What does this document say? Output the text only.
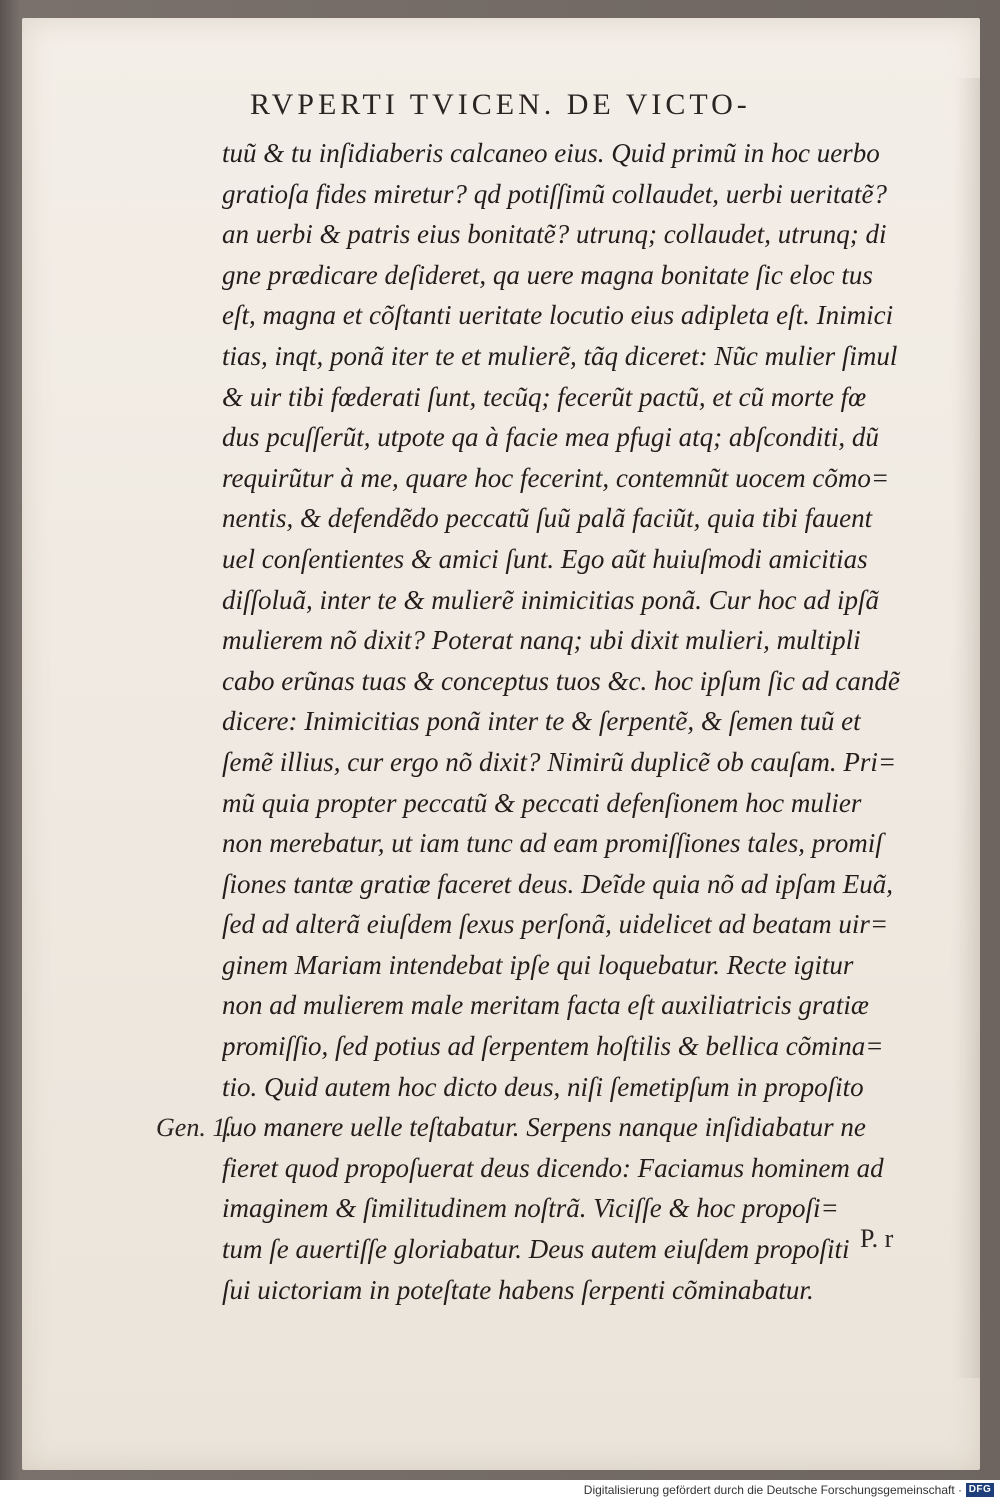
RVPERTI TVICEN. DE VICTO-
tuũ & tu inſidiaberis calcaneo eius. Quid primũ in hoc uerbo
gratioſa fides miretur? qd potiſſimũ collaudet, uerbi ueritatẽ?
an uerbi & patris eius bonitatẽ? utrunq; collaudet, utrunq; di
gne prædicare deſideret, qa uere magna bonitate ſic eloc tus
eſt, magna et cõſtanti ueritate locutio eius adipleta eſt. Inimici
tias, inqt, ponã iter te et mulierẽ, tãq diceret: Nũc mulier ſimul
& uir tibi fœderati ſunt, tecũq; fecerũt pactũ, et cũ morte fœ
dus pcuſſerũt, utpote qa à facie mea pfugi atq; abſconditi, dũ
requirũtur à me, quare hoc fecerint, contemnũt uocem cõmo=
nentis, & defendẽdo peccatũ ſuũ palã faciũt, quia tibi fauent
uel conſentientes & amici ſunt. Ego aũt huiuſmodi amicitias
diſſoluã, inter te & mulierẽ inimicitias ponã. Cur hoc ad ipſã
mulierem nõ dixit? Poterat nanq; ubi dixit mulieri, multipli
cabo erũnas tuas & conceptus tuos &c. hoc ipſum ſic ad candẽ
dicere: Inimicitias ponã inter te & ſerpentẽ, & ſemen tuũ et
ſemẽ illius, cur ergo nõ dixit? Nimirũ duplicẽ ob cauſam. Pri=
mũ quia propter peccatũ & peccati defenſionem hoc mulier
non merebatur, ut iam tunc ad eam promiſſiones tales, promiſ
ſiones tantæ gratiæ faceret deus. Deĩde quia nõ ad ipſam Euã,
ſed ad alterã eiuſdem ſexus perſonã, uidelicet ad beatam uir=
ginem Mariam intendebat ipſe qui loquebatur. Recte igitur
non ad mulierem male meritam facta eſt auxiliatricis gratiæ
promiſſio, ſed potius ad ſerpentem hoſtilis & bellica cõmina=
tio. Quid autem hoc dicto deus, niſi ſemetipſum in propoſito
ſuo manere uelle teſtabatur. Serpens nanque inſidiabatur ne
fieret quod propoſuerat deus dicendo: Faciamus hominem ad
imaginem & ſimilitudinem noſtrã. Viciſſe & hoc propoſi=
tum ſe auertiſſe gloriabatur. Deus autem eiuſdem propoſiti
ſui uictoriam in poteſtate habens ſerpenti cõminabatur.
Gen. 1.
P. r
Digitalisierung gefördert durch die Deutsche Forschungsgemeinschaft · DFG
